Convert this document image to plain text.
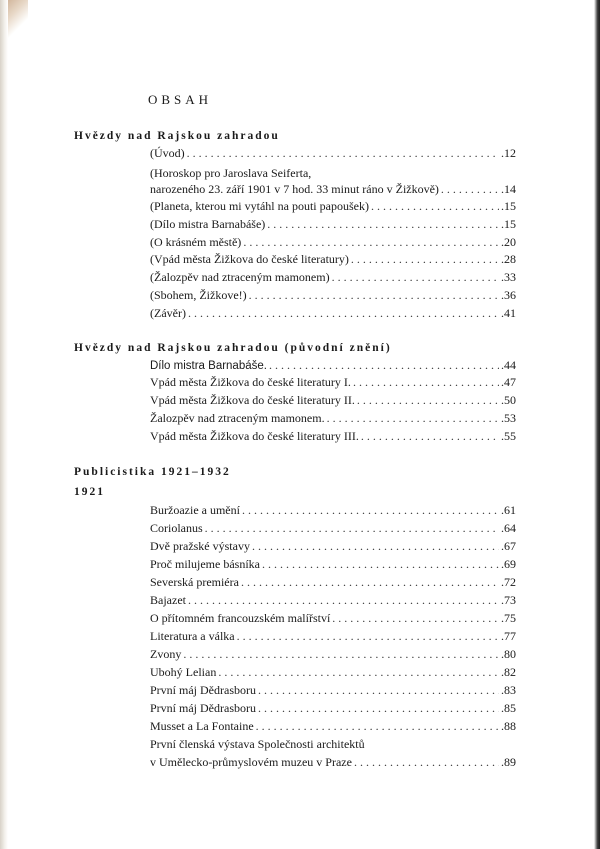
OBSAH
Hvězdy nad Rajskou zahradou
(Úvod) . . .	.12
(Horoskop pro Jaroslava Seiferta,
narozeného 23. září 1901 v 7 hod. 33 minut ráno v Žižkově) . . .	.14
(Planeta, kterou mi vytáhl na pouti papoušek) . . .	.15
(Dílo mistra Barnabáše) . . .	.15
(O krásném městě) . . .	.20
(Vpád města Žižkova do české literatury) . . .	.28
(Žalozpěv nad ztraceným mamonem) . . .	.33
(Sbohem, Žižkove!) . . .	.36
(Závěr) . . .	.41
Hvězdy nad Rajskou zahradou (původní znění)
Dílo mistra Barnabáše. . . .	.44
Vpád města Žižkova do české literatury I. . . .	.47
Vpád města Žižkova do české literatury II. . . .	.50
Žalozpěv nad ztraceným mamonem. . . .	.53
Vpád města Žižkova do české literatury III. . . .	.55
Publicistika 1921–1932
1921
Buržoazie a umění . . .	.61
Coriolanus . . .	.64
Dvě pražské výstavy . . .	.67
Proč milujeme básníka . . .	.69
Severská premiéra . . .	.72
Bajazet . . .	.73
O přítomném francouzském malířství . . .	.75
Literatura a válka . . .	.77
Zvony . . .	.80
Ubohý Lelian . . .	.82
První máj Dědrasboru . . .	.83
První máj Dědrasboru . . .	.85
Musset a La Fontaine . . .	.88
První členská výstava Společnosti architektů
v Umělecko-průmyslovém muzeu v Praze . . .	.89
